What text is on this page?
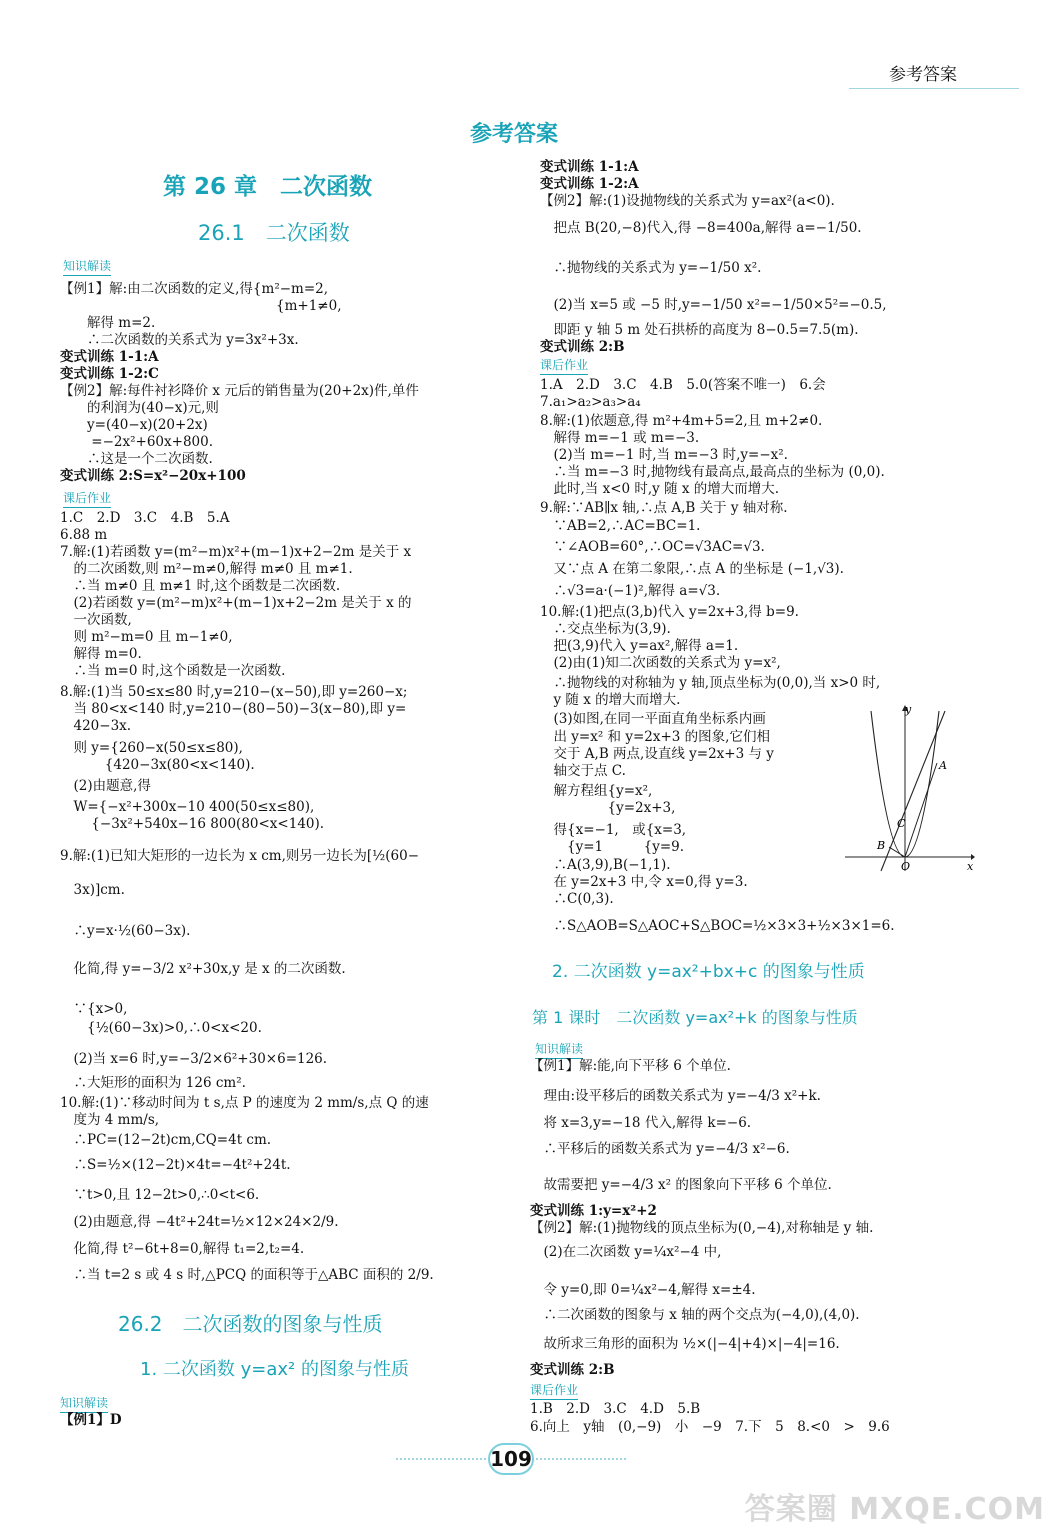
参考答案
参考答案
第 26 章　二次函数
26.1　二次函数
知识解读
【例1】解:由二次函数的定义,得{m²−m=2,
　　　　　　　　　　　　　　　　{m+1≠0,
　　解得 m=2.
　　∴二次函数的关系式为 y=3x²+3x.
变式训练 1-1:A
变式训练 1-2:C
【例2】解:每件衬衫降价 x 元后的销售量为(20+2x)件,单件
　　的利润为(40−x)元,则
　　y=(40−x)(20+2x)
　　 =−2x²+60x+800.
　　∴这是一个二次函数.
变式训练 2:S=x²−20x+100
课后作业
1.C　2.D　3.C　4.B　5.A
6.88 m
7.解:(1)若函数 y=(m²−m)x²+(m−1)x+2−2m 是关于 x
　的二次函数,则 m²−m≠0,解得 m≠0 且 m≠1.
　∴当 m≠0 且 m≠1 时,这个函数是二次函数.
　(2)若函数 y=(m²−m)x²+(m−1)x+2−2m 是关于 x 的
　一次函数,
　则 m²−m=0 且 m−1≠0,
　解得 m=0.
　∴当 m=0 时,这个函数是一次函数.
8.解:(1)当 50≤x≤80 时,y=210−(x−50),即 y=260−x;
　当 80<x<140 时,y=210−(80−50)−3(x−80),即 y=
　420−3x.
　则 y={260−x(50≤x≤80),
　　　 {420−3x(80<x<140).
　(2)由题意,得
　W={−x²+300x−10 400(50≤x≤80),
　　 {−3x²+540x−16 800(80<x<140).
9.解:(1)已知大矩形的一边长为 x cm,则另一边长为[½(60−
　3x)]cm.
　∴y=x·½(60−3x).
　化简,得 y=−3/2 x²+30x,y 是 x 的二次函数.
　∵{x>0,
　　{½(60−3x)>0,∴0<x<20.
　(2)当 x=6 时,y=−3/2×6²+30×6=126.
　∴大矩形的面积为 126 cm².
10.解:(1)∵移动时间为 t s,点 P 的速度为 2 mm/s,点 Q 的速
　度为 4 mm/s,
　∴PC=(12−2t)cm,CQ=4t cm.
　∴S=½×(12−2t)×4t=−4t²+24t.
　∵t>0,且 12−2t>0,∴0<t<6.
　(2)由题意,得 −4t²+24t=½×12×24×2/9.
　化简,得 t²−6t+8=0,解得 t₁=2,t₂=4.
　∴当 t=2 s 或 4 s 时,△PCQ 的面积等于△ABC 面积的 2/9.
26.2　二次函数的图象与性质
1. 二次函数 y=ax² 的图象与性质
知识解读
【例1】D
变式训练 1-1:A
变式训练 1-2:A
【例2】解:(1)设抛物线的关系式为 y=ax²(a<0).
　把点 B(20,−8)代入,得 −8=400a,解得 a=−1/50.
　∴抛物线的关系式为 y=−1/50 x².
　(2)当 x=5 或 −5 时,y=−1/50 x²=−1/50×5²=−0.5,
　即距 y 轴 5 m 处石拱桥的高度为 8−0.5=7.5(m).
变式训练 2:B
课后作业
1.A　2.D　3.C　4.B　5.0(答案不唯一)　6.会
7.a₁>a₂>a₃>a₄
8.解:(1)依题意,得 m²+4m+5=2,且 m+2≠0.
　解得 m=−1 或 m=−3.
　(2)当 m=−1 时,当 m=−3 时,y=−x².
　∴当 m=−3 时,抛物线有最高点,最高点的坐标为 (0,0).
　此时,当 x<0 时,y 随 x 的增大而增大.
9.解:∵AB∥x 轴,∴点 A,B 关于 y 轴对称.
　∵AB=2,∴AC=BC=1.
　∵∠AOB=60°,∴OC=√3AC=√3.
　又∵点 A 在第二象限,∴点 A 的坐标是 (−1,√3).
　∴√3=a·(−1)²,解得 a=√3.
10.解:(1)把点(3,b)代入 y=2x+3,得 b=9.
　∴交点坐标为(3,9).
　把(3,9)代入 y=ax²,解得 a=1.
　(2)由(1)知二次函数的关系式为 y=x²,
　∴抛物线的对称轴为 y 轴,顶点坐标为(0,0),当 x>0 时,
　y 随 x 的增大而增大.
　(3)如图,在同一平面直角坐标系内画
　出 y=x² 和 y=2x+3 的图象,它们相
　交于 A,B 两点,设直线 y=2x+3 与 y
　轴交于点 C.
　解方程组{y=x²,
　　　　　{y=2x+3,
　得{x=−1,　或{x=3,
　　{y=1　　　{y=9.
　∴A(3,9),B(−1,1).
　在 y=2x+3 中,令 x=0,得 y=3.
　∴C(0,3).
　∴S△AOB=S△AOC+S△BOC=½×3×3+½×3×1=6.
y
x
A
B
C
O
2. 二次函数 y=ax²+bx+c 的图象与性质
第 1 课时　二次函数 y=ax²+k 的图象与性质
知识解读
【例1】解:能,向下平移 6 个单位.
　理由:设平移后的函数关系式为 y=−4/3 x²+k.
　将 x=3,y=−18 代入,解得 k=−6.
　∴平移后的函数关系式为 y=−4/3 x²−6.
　故需要把 y=−4/3 x² 的图象向下平移 6 个单位.
变式训练 1:y=x²+2
【例2】解:(1)抛物线的顶点坐标为(0,−4),对称轴是 y 轴.
　(2)在二次函数 y=¼x²−4 中,
　令 y=0,即 0=¼x²−4,解得 x=±4.
　∴二次函数的图象与 x 轴的两个交点为(−4,0),(4,0).
　故所求三角形的面积为 ½×(|−4|+4)×|−4|=16.
变式训练 2:B
课后作业
1.B　2.D　3.C　4.D　5.B
6.向上　y轴　(0,−9)　小　−9　7.下　5　8.<0　>　9.6
109
答案圈 MXQE.COM
